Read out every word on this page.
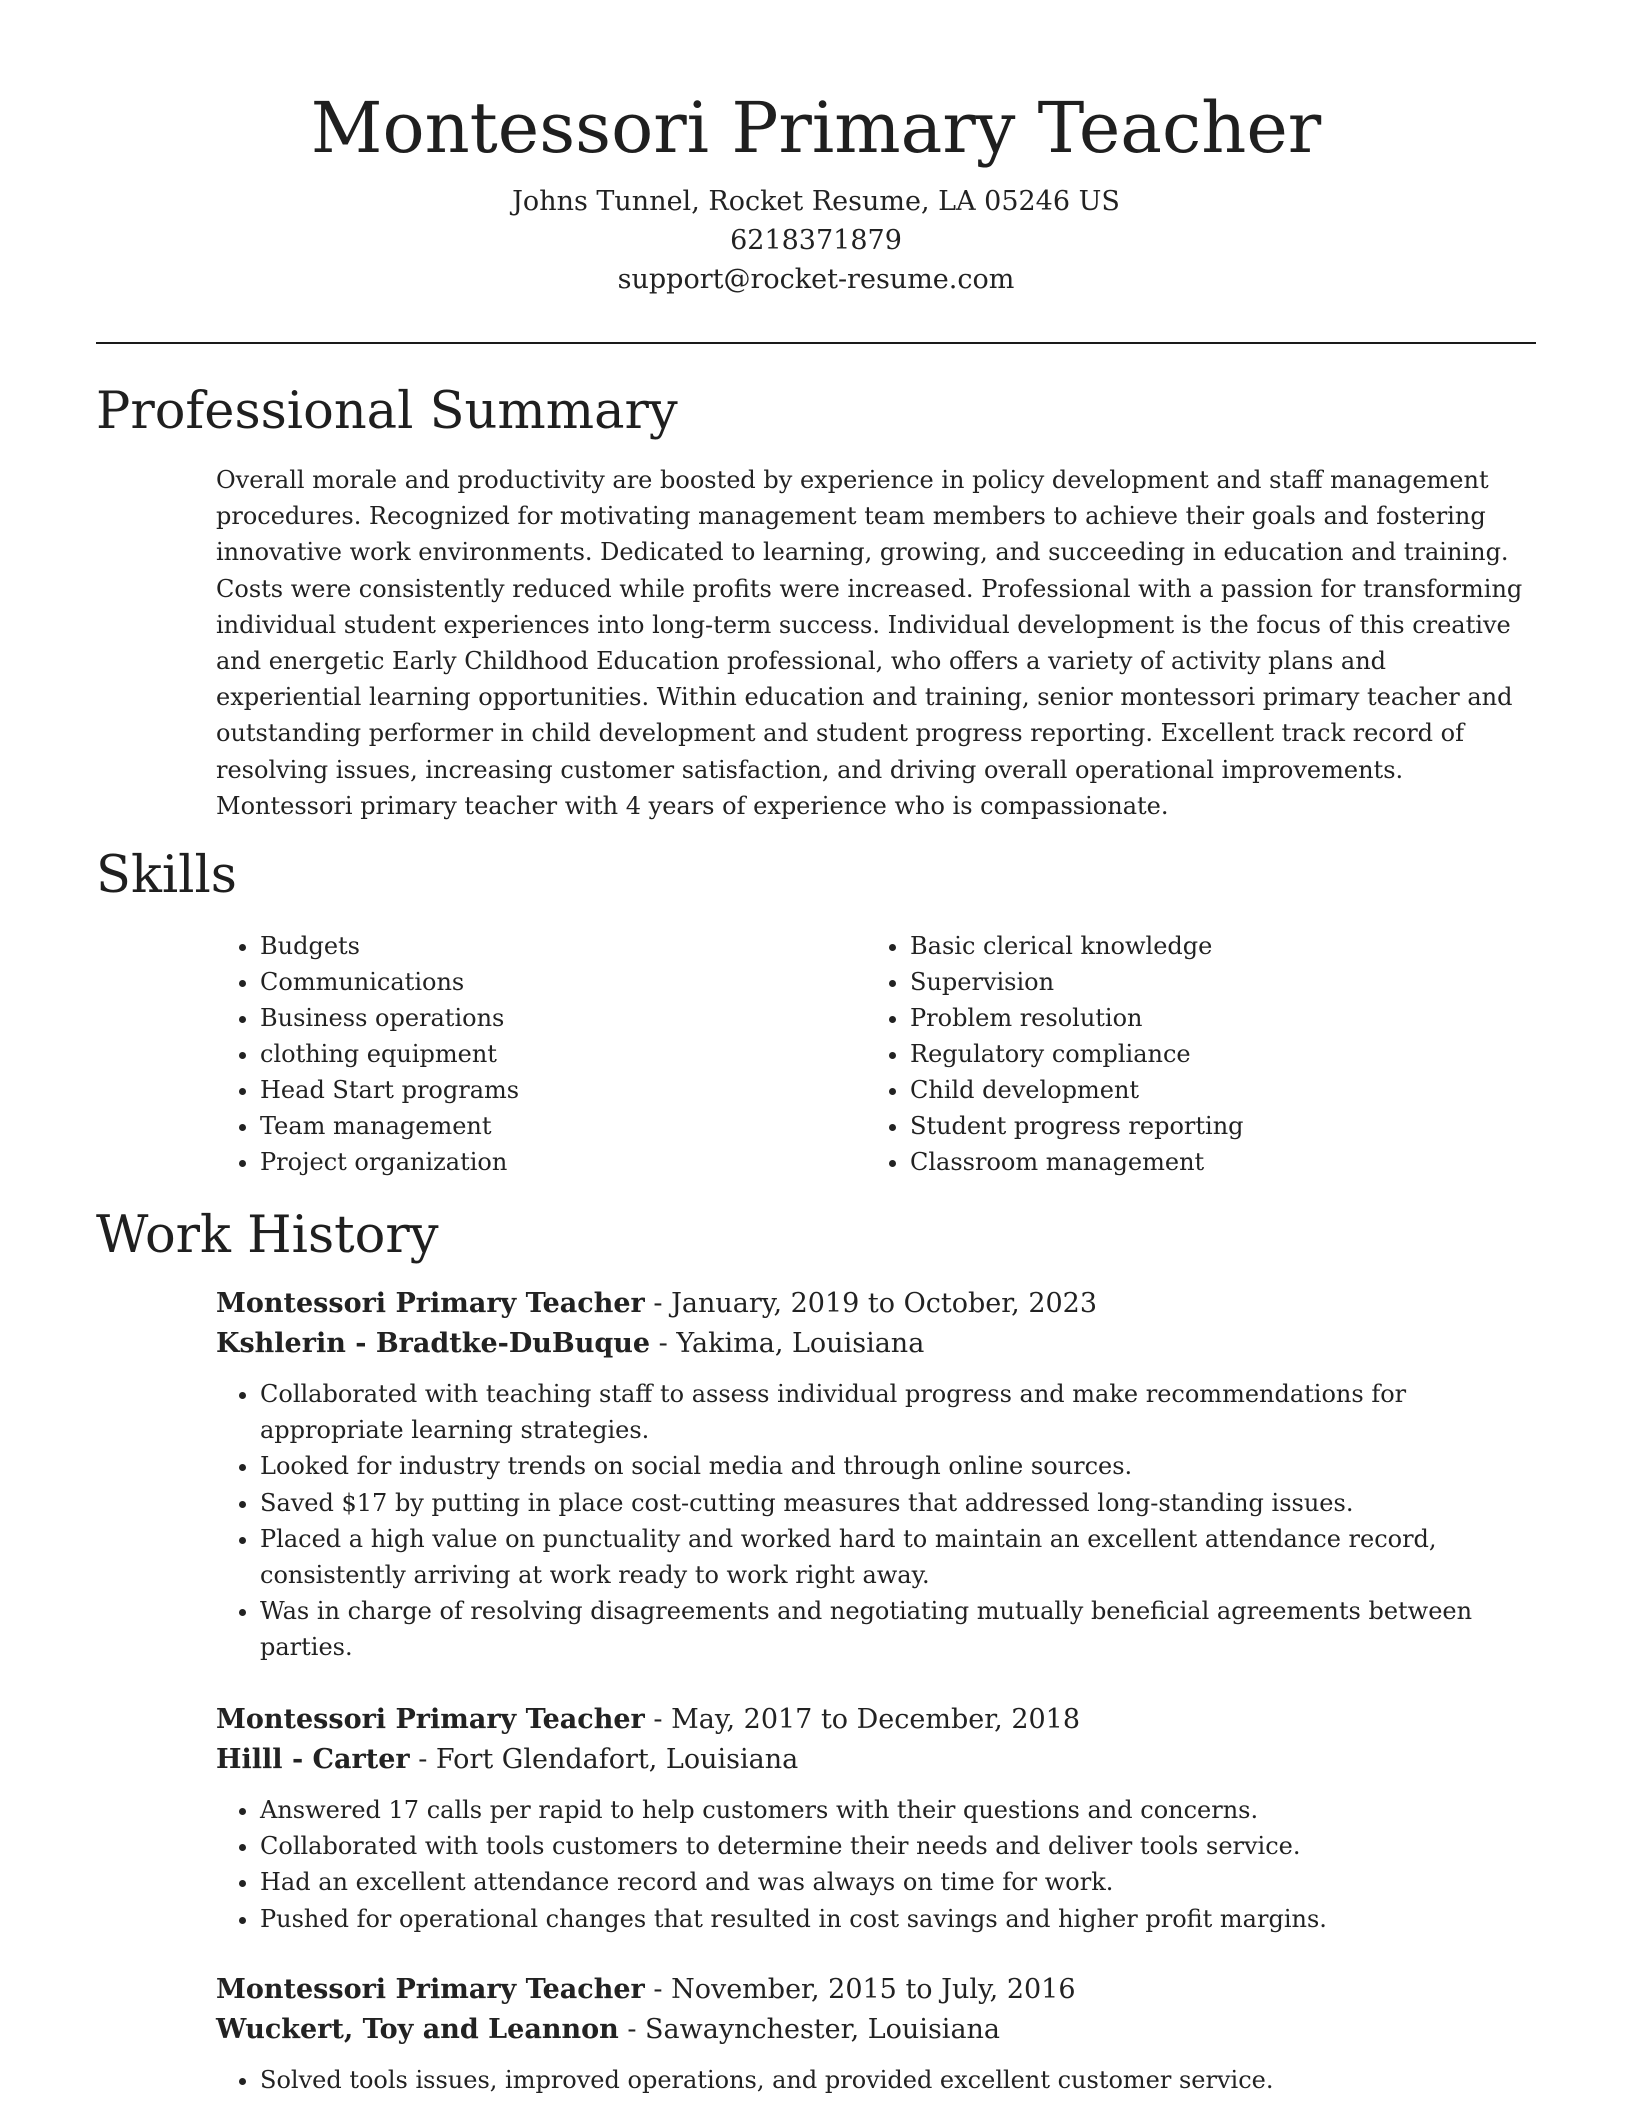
Montessori Primary Teacher
Johns Tunnel, Rocket Resume, LA 05246 US
6218371879
support@rocket-resume.com
Professional Summary

Overall morale and productivity are boosted by experience in policy development and staff management procedures. Recognized for motivating management team members to achieve their goals and fostering innovative work environments. Dedicated to learning, growing, and succeeding in education and training. Costs were consistently reduced while profits were increased. Professional with a passion for transforming individual student experiences into long-term success. Individual development is the focus of this creative and energetic Early Childhood Education professional, who offers a variety of activity plans and experiential learning opportunities. Within education and training, senior montessori primary teacher and outstanding performer in child development and student progress reporting. Excellent track record of resolving issues, increasing customer satisfaction, and driving overall operational improvements. Montessori primary teacher with 4 years of experience who is compassionate.

Skills
• Budgets
• Communications
• Business operations
• clothing equipment
• Head Start programs
• Team management
• Project organization
• Basic clerical knowledge
• Supervision
• Problem resolution
• Regulatory compliance
• Child development
• Student progress reporting
• Classroom management
Work History
Montessori Primary Teacher - January, 2019 to October, 2023
Kshlerin - Bradtke-DuBuque - Yakima, Louisiana
• Collaborated with teaching staff to assess individual progress and make recommendations for appropriate learning strategies.
• Looked for industry trends on social media and through online sources.
• Saved $17 by putting in place cost-cutting measures that addressed long-standing issues.
• Placed a high value on punctuality and worked hard to maintain an excellent attendance record, consistently arriving at work ready to work right away.
• Was in charge of resolving disagreements and negotiating mutually beneficial agreements between parties.
Montessori Primary Teacher - May, 2017 to December, 2018
Hilll - Carter - Fort Glendafort, Louisiana
• Answered 17 calls per rapid to help customers with their questions and concerns.
• Collaborated with tools customers to determine their needs and deliver tools service.
• Had an excellent attendance record and was always on time for work.
• Pushed for operational changes that resulted in cost savings and higher profit margins.
Montessori Primary Teacher - November, 2015 to July, 2016
Wuckert, Toy and Leannon - Sawaynchester, Louisiana
• Solved tools issues, improved operations, and provided excellent customer service.
